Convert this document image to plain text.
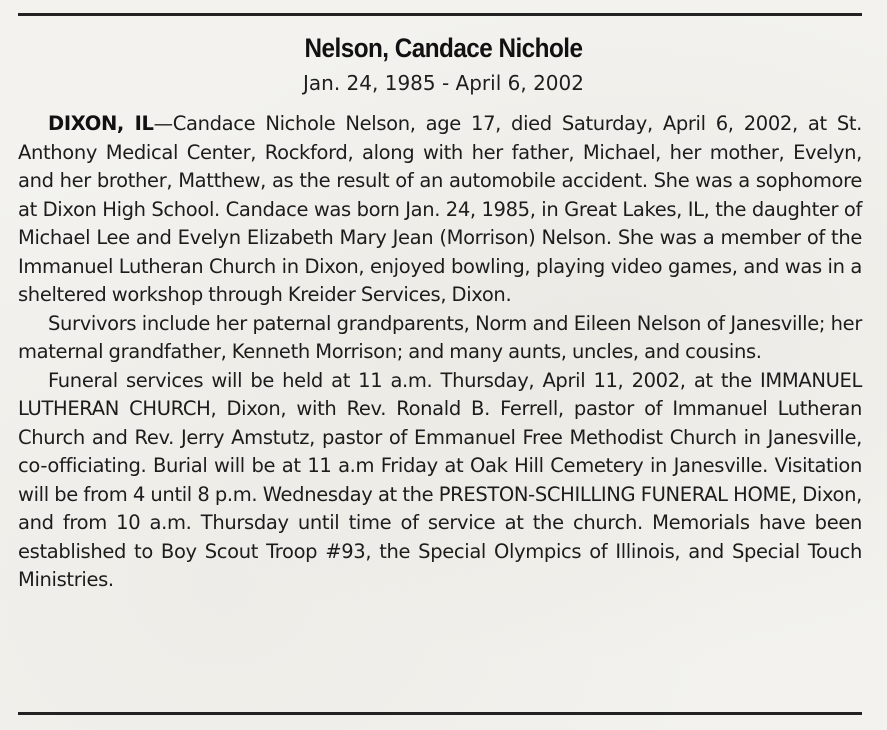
Nelson, Candace Nichole
Jan. 24, 1985 - April 6, 2002

DIXON, IL—Candace Nichole Nelson, age 17, died Saturday, April 6, 2002, at St. Anthony Medical Center, Rockford, along with her father, Michael, her mother, Evelyn, and her brother, Matthew, as the result of an automobile accident. She was a sophomore at Dixon High School. Candace was born Jan. 24, 1985, in Great Lakes, IL, the daughter of Michael Lee and Evelyn Elizabeth Mary Jean (Morrison) Nelson. She was a member of the Immanuel Lutheran Church in Dixon, enjoyed bowling, playing video games, and was in a sheltered workshop through Kreider Services, Dixon.

Survivors include her paternal grandparents, Norm and Eileen Nelson of Janesville; her maternal grandfather, Kenneth Morrison; and many aunts, uncles, and cousins.

Funeral services will be held at 11 a.m. Thursday, April 11, 2002, at the IMMANUEL LUTHERAN CHURCH, Dixon, with Rev. Ronald B. Ferrell, pastor of Immanuel Lutheran Church and Rev. Jerry Amstutz, pastor of Emmanuel Free Methodist Church in Janesville, co-officiating. Burial will be at 11 a.m Friday at Oak Hill Cemetery in Janesville. Visitation will be from 4 until 8 p.m. Wednesday at the PRESTON-SCHILLING FUNERAL HOME, Dixon, and from 10 a.m. Thursday until time of service at the church. Memorials have been established to Boy Scout Troop #93, the Special Olympics of Illinois, and Special Touch Ministries.
